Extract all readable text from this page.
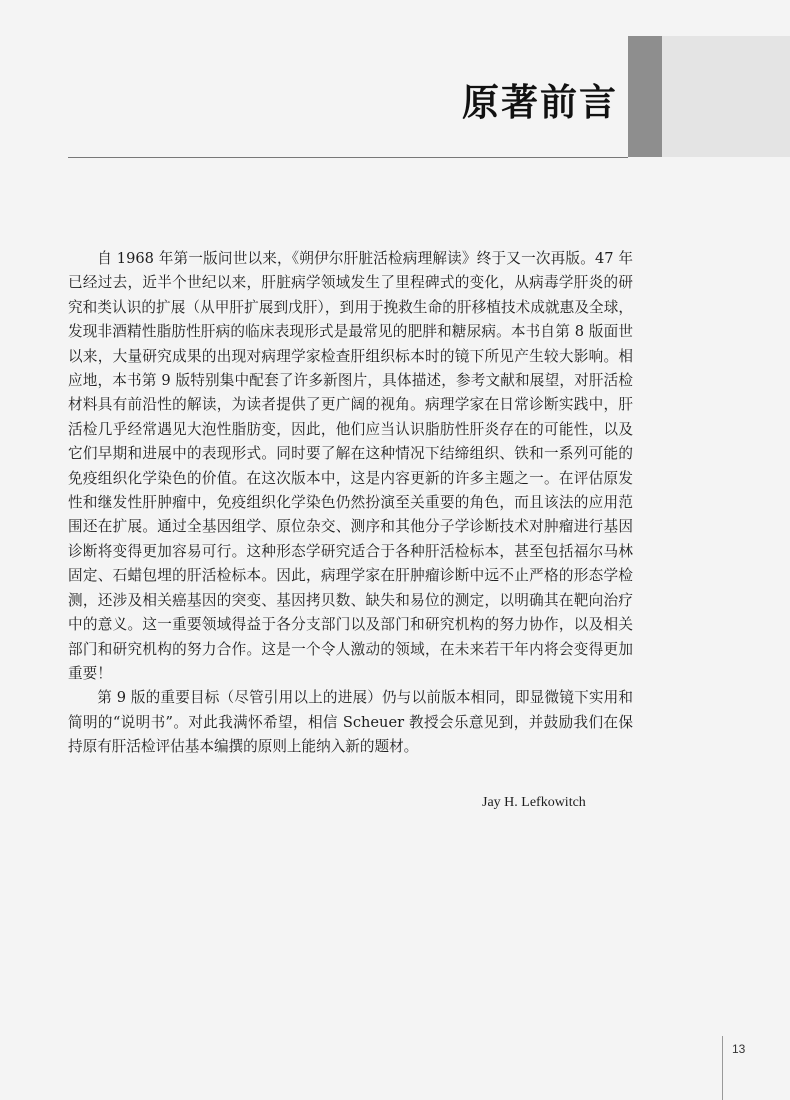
原著前言

自 1968 年第一版问世以来，《朔伊尔肝脏活检病理解读》终于又一次再版。47 年已经过去，近半个世纪以来，肝脏病学领域发生了里程碑式的变化，从病毒学肝炎的研究和类认识的扩展（从甲肝扩展到戊肝），到用于挽救生命的肝移植技术成就惠及全球，发现非酒精性脂肪性肝病的临床表现形式是最常见的肥胖和糖尿病。本书自第 8 版面世以来，大量研究成果的出现对病理学家检查肝组织标本时的镜下所见产生较大影响。相应地，本书第 9 版特别集中配套了许多新图片，具体描述，参考文献和展望，对肝活检材料具有前沿性的解读，为读者提供了更广阔的视角。病理学家在日常诊断实践中，肝活检几乎经常遇见大泡性脂肪变，因此，他们应当认识脂肪性肝炎存在的可能性，以及它们早期和进展中的表现形式。同时要了解在这种情况下结缔组织、铁和一系列可能的免疫组织化学染色的价值。在这次版本中，这是内容更新的许多主题之一。在评估原发性和继发性肝肿瘤中，免疫组织化学染色仍然扮演至关重要的角色，而且该法的应用范围还在扩展。通过全基因组学、原位杂交、测序和其他分子学诊断技术对肿瘤进行基因诊断将变得更加容易可行。这种形态学研究适合于各种肝活检标本，甚至包括福尔马林固定、石蜡包埋的肝活检标本。因此，病理学家在肝肿瘤诊断中远不止严格的形态学检测，还涉及相关癌基因的突变、基因拷贝数、缺失和易位的测定，以明确其在靶向治疗中的意义。这一重要领域得益于各分支部门以及部门和研究机构的努力协作，以及相关部门和研究机构的努力合作。这是一个令人激动的领域，在未来若干年内将会变得更加重要！

第 9 版的重要目标（尽管引用以上的进展）仍与以前版本相同，即显微镜下实用和简明的“说明书”。对此我满怀希望，相信 Scheuer 教授会乐意见到，并鼓励我们在保持原有肝活检评估基本编撰的原则上能纳入新的题材。

Jay H. Lefkowitch
13
